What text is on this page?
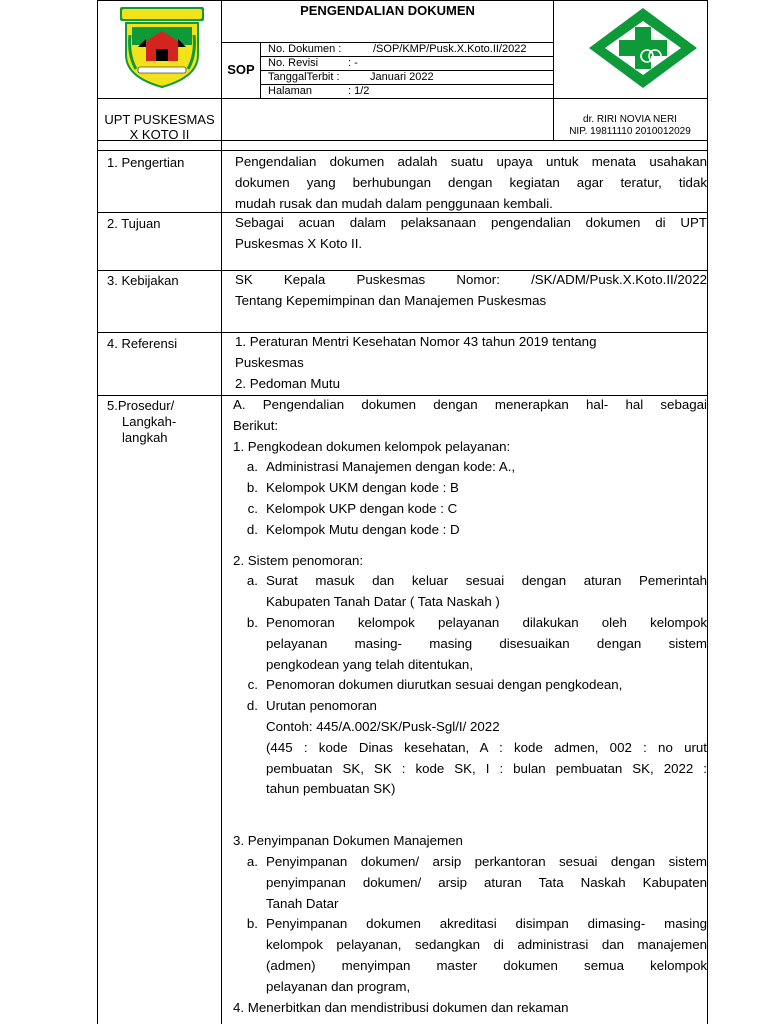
PENGENDALIAN DOKUMEN
SOP
No. Dokumen :	/SOP/KMP/Pusk.X.Koto.II/2022
No. Revisi	: -
TanggalTerbit :	Januari 2022
Halaman	: 1/2
UPT PUSKESMAS
X KOTO II
dr. RIRI NOVIA NERI
NIP. 19811110 2010012029
1. Pengertian	Pengendalian dokumen adalah suatu upaya untuk menata usahakan
dokumen yang berhubungan dengan kegiatan agar teratur, tidak
mudah rusak dan mudah dalam penggunaan kembali.
2. Tujuan	Sebagai acuan dalam pelaksanaan pengendalian dokumen di UPT
Puskesmas X Koto II.
3. Kebijakan	SK Kepala Puskesmas Nomor: /SK/ADM/Pusk.X.Koto.II/2022
Tentang Kepemimpinan dan Manajemen Puskesmas
4. Referensi	1. Peraturan Mentri Kesehatan Nomor 43 tahun 2019 tentang
Puskesmas
2. Pedoman Mutu
5.Prosedur/
Langkah-
langkah
A. Pengendalian dokumen dengan menerapkan hal- hal sebagai
Berikut:
1. Pengkodean dokumen kelompok pelayanan:
a. Administrasi Manajemen dengan kode: A.,
b. Kelompok UKM dengan kode : B
c. Kelompok UKP dengan kode : C
d. Kelompok Mutu dengan kode : D
2. Sistem penomoran:
a. Surat masuk dan keluar sesuai dengan aturan Pemerintah
Kabupaten Tanah Datar ( Tata Naskah )
b. Penomoran kelompok pelayanan dilakukan oleh kelompok
pelayanan masing- masing disesuaikan dengan sistem
pengkodean yang telah ditentukan,
c. Penomoran dokumen diurutkan sesuai dengan pengkodean,
d. Urutan penomoran
Contoh: 445/A.002/SK/Pusk-Sgl/I/ 2022
(445 : kode Dinas kesehatan, A : kode admen, 002 : no urut
pembuatan SK, SK : kode SK, I : bulan pembuatan SK, 2022 :
tahun pembuatan SK)
3. Penyimpanan Dokumen Manajemen
a. Penyimpanan dokumen/ arsip perkantoran sesuai dengan sistem
penyimpanan dokumen/ arsip aturan Tata Naskah Kabupaten
Tanah Datar
b. Penyimpanan dokumen akreditasi disimpan dimasing- masing
kelompok pelayanan, sedangkan di administrasi dan manajemen
(admen) menyimpan master dokumen semua kelompok
pelayanan dan program,
4. Menerbitkan dan mendistribusi dokumen dan rekaman
